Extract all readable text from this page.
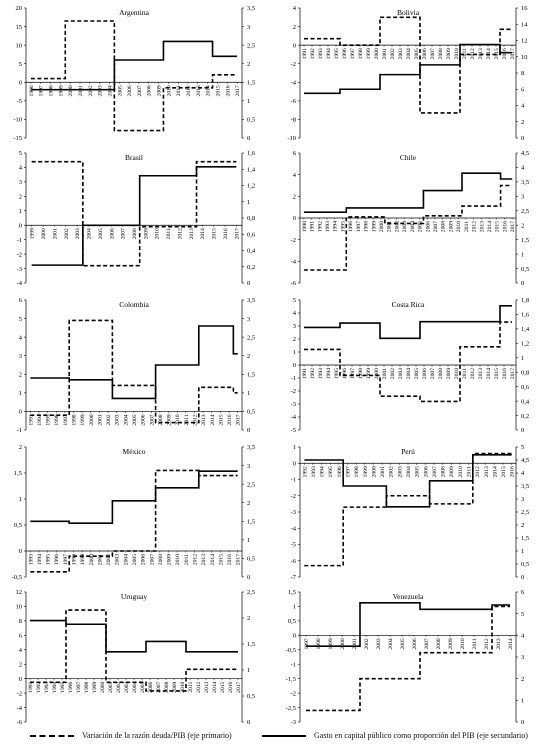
-15
-10
-5
0
5
10
15
20
0
0,5
1
1,5
2
2,5
3
3,5
1996 1997 1998 1999 2000 2001 2002 2003 2004 2005 2006 2007 2008 2009 2010 2011 2012 2013 2014 2015 2016 2017
Argentina
-10
-8
-6
-4
-2
0
2
4
0
2
4
6
8
10
12
14
16
1991 1992 1993 1994 1995 1996 1997 1998 1999 2000 2001 2002 2003 2004 2005 2006 2007 2008 2009 2010 2011 2012 2013 2014 2015 2016 2017
Bolivia
-4
-3
-2
-1
0
1
2
3
4
5
0
0,2
0,4
0,6
0,8
1
1,2
1,4
1,6
1999 2000 2001 2002 2003 2004 2005 2006 2007 2008 2009 2010 2011 2012 2013 2014 2015 2016 2017
Brasil
-6
-4
-2
0
2
4
6
0
0,5
1
1,5
2
2,5
3
3,5
4
4,5
1990 1991 1992 1993 1994 1995 1996 1997 1998 1999 2000 2001 2002 2003 2004 2005 2006 2007 2008 2009 2010 2011 2012 2013 2014 2015 2016 2017
Chile
-1
0
1
2
3
4
5
6
0
0,5
1
1,5
2
2,5
3
3,5
1993 1994 1995 1996 1997 1998 1999 2000 2001 2002 2003 2004 2005 2006 2007 2008 2009 2010 2011 2012 2013 2014 2015 2016 2017
Colombia
-5
-4
-3
-2
-1
0
1
2
3
4
5
0
0,2
0,4
0,6
0,8
1
1,2
1,4
1,6
1,8
1991 1992 1993 1994 1995 1996 1997 1998 1999 2000 2001 2002 2003 2004 2005 2006 2007 2008 2009 2010 2011 2012 2013 2014 2015 2016 2017
Costa Rica
-0,5
0
0,5
1
1,5
2
0
0,5
1
1,5
2
2,5
3
3,5
1993 1994 1995 1996 1997 1998 1999 2000 2001 2002 2003 2004 2005 2006 2007 2008 2009 2010 2011 2012 2013 2014 2015 2016 2017
México
-7
-6
-5
-4
-3
-2
-1
0
1
0
0,5
1
1,5
2
2,5
3
3,5
4
4,5
5
1992 1993 1994 1995 1996 1997 1998 1999 2000 2001 2002 2003 2004 2005 2006 2007 2008 2009 2010 2011 2012 2013 2014 2015 2016
Perú
-6
-4
-2
0
2
4
6
8
10
12
0
0,5
1
1,5
2
2,5
1991 1992 1993 1994 1995 1996 1997 1998 1999 2000 2001 2002 2003 2004 2005 2006 2007 2008 2009 2010 2011 2012 2013 2014 2015 2016 2017
Uruguay
-3
-2,5
-2
-1,5
-1
-0,5
0
0,5
1
1,5
0
1
2
3
4
5
6
1997 1998 1999 2000 2001 2002 2003 2004 2005 2006 2007 2008 2009 2010 2011 2012 2013 2014
Venezuela
Variación de la razón deuda/PIB (eje primario)	Gasto en capital público como proporción del PIB (eje secundario)
